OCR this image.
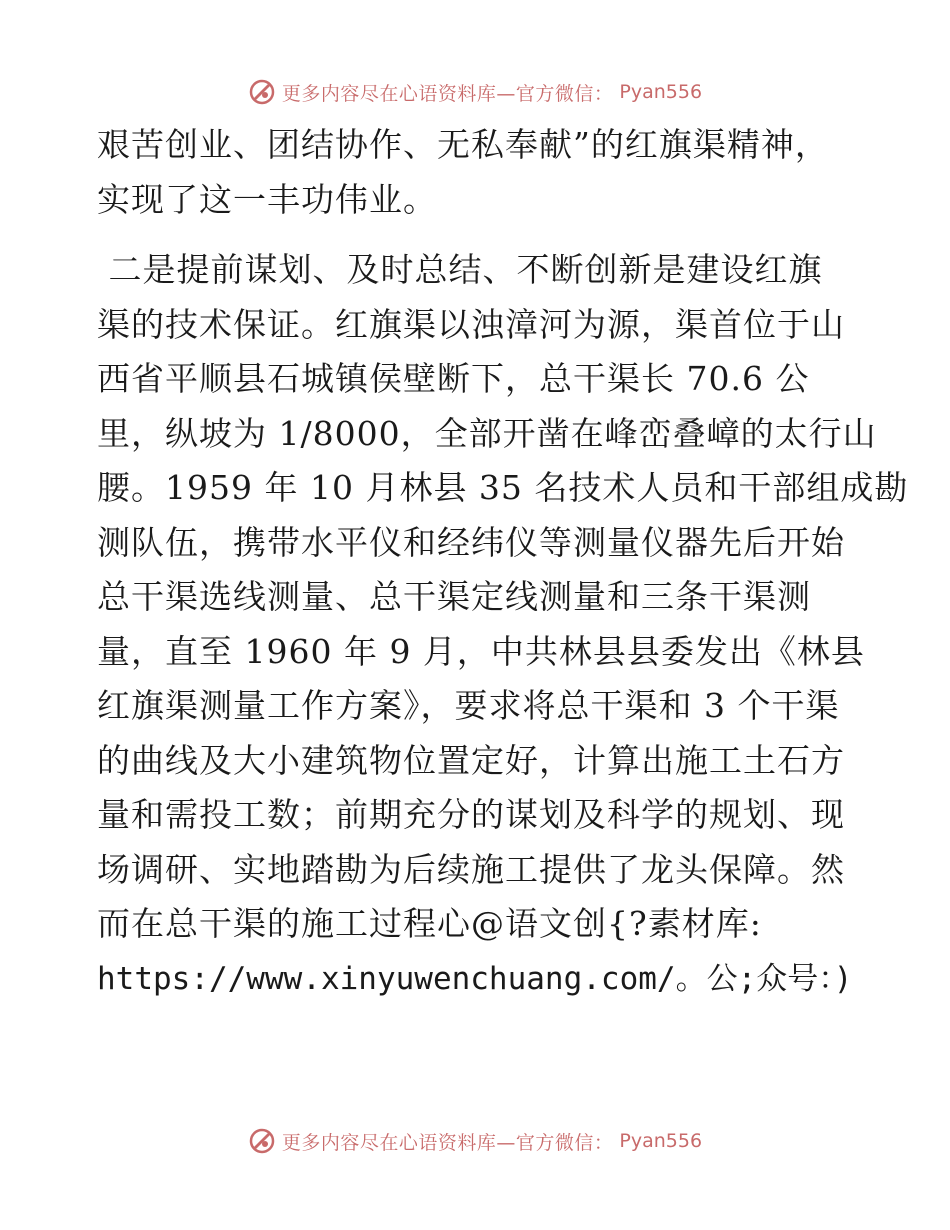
更多内容尽在心语资料库—官方微信： Pyan556

艰苦创业、团结协作、无私奉献”的红旗渠精神，
实现了这一丰功伟业。

二是提前谋划、及时总结、不断创新是建设红旗
渠的技术保证。红旗渠以浊漳河为源，渠首位于山
西省平顺县石城镇侯壁断下，总干渠长 70.6 公
里，纵坡为 1/8000，全部开凿在峰峦叠嶂的太行山
腰。1959 年 10 月林县 35 名技术人员和干部组成勘
测队伍，携带水平仪和经纬仪等测量仪器先后开始
总干渠选线测量、总干渠定线测量和三条干渠测
量，直至 1960 年 9 月，中共林县县委发出《林县
红旗渠测量工作方案》，要求将总干渠和 3 个干渠
的曲线及大小建筑物位置定好，计算出施工土石方
量和需投工数；前期充分的谋划及科学的规划、现
场调研、实地踏勘为后续施工提供了龙头保障。然
而在总干渠的施工过程心@语文创{?素材库:
https://www.xinyuwenchuang.com/。公;众号：)

更多内容尽在心语资料库—官方微信： Pyan556
